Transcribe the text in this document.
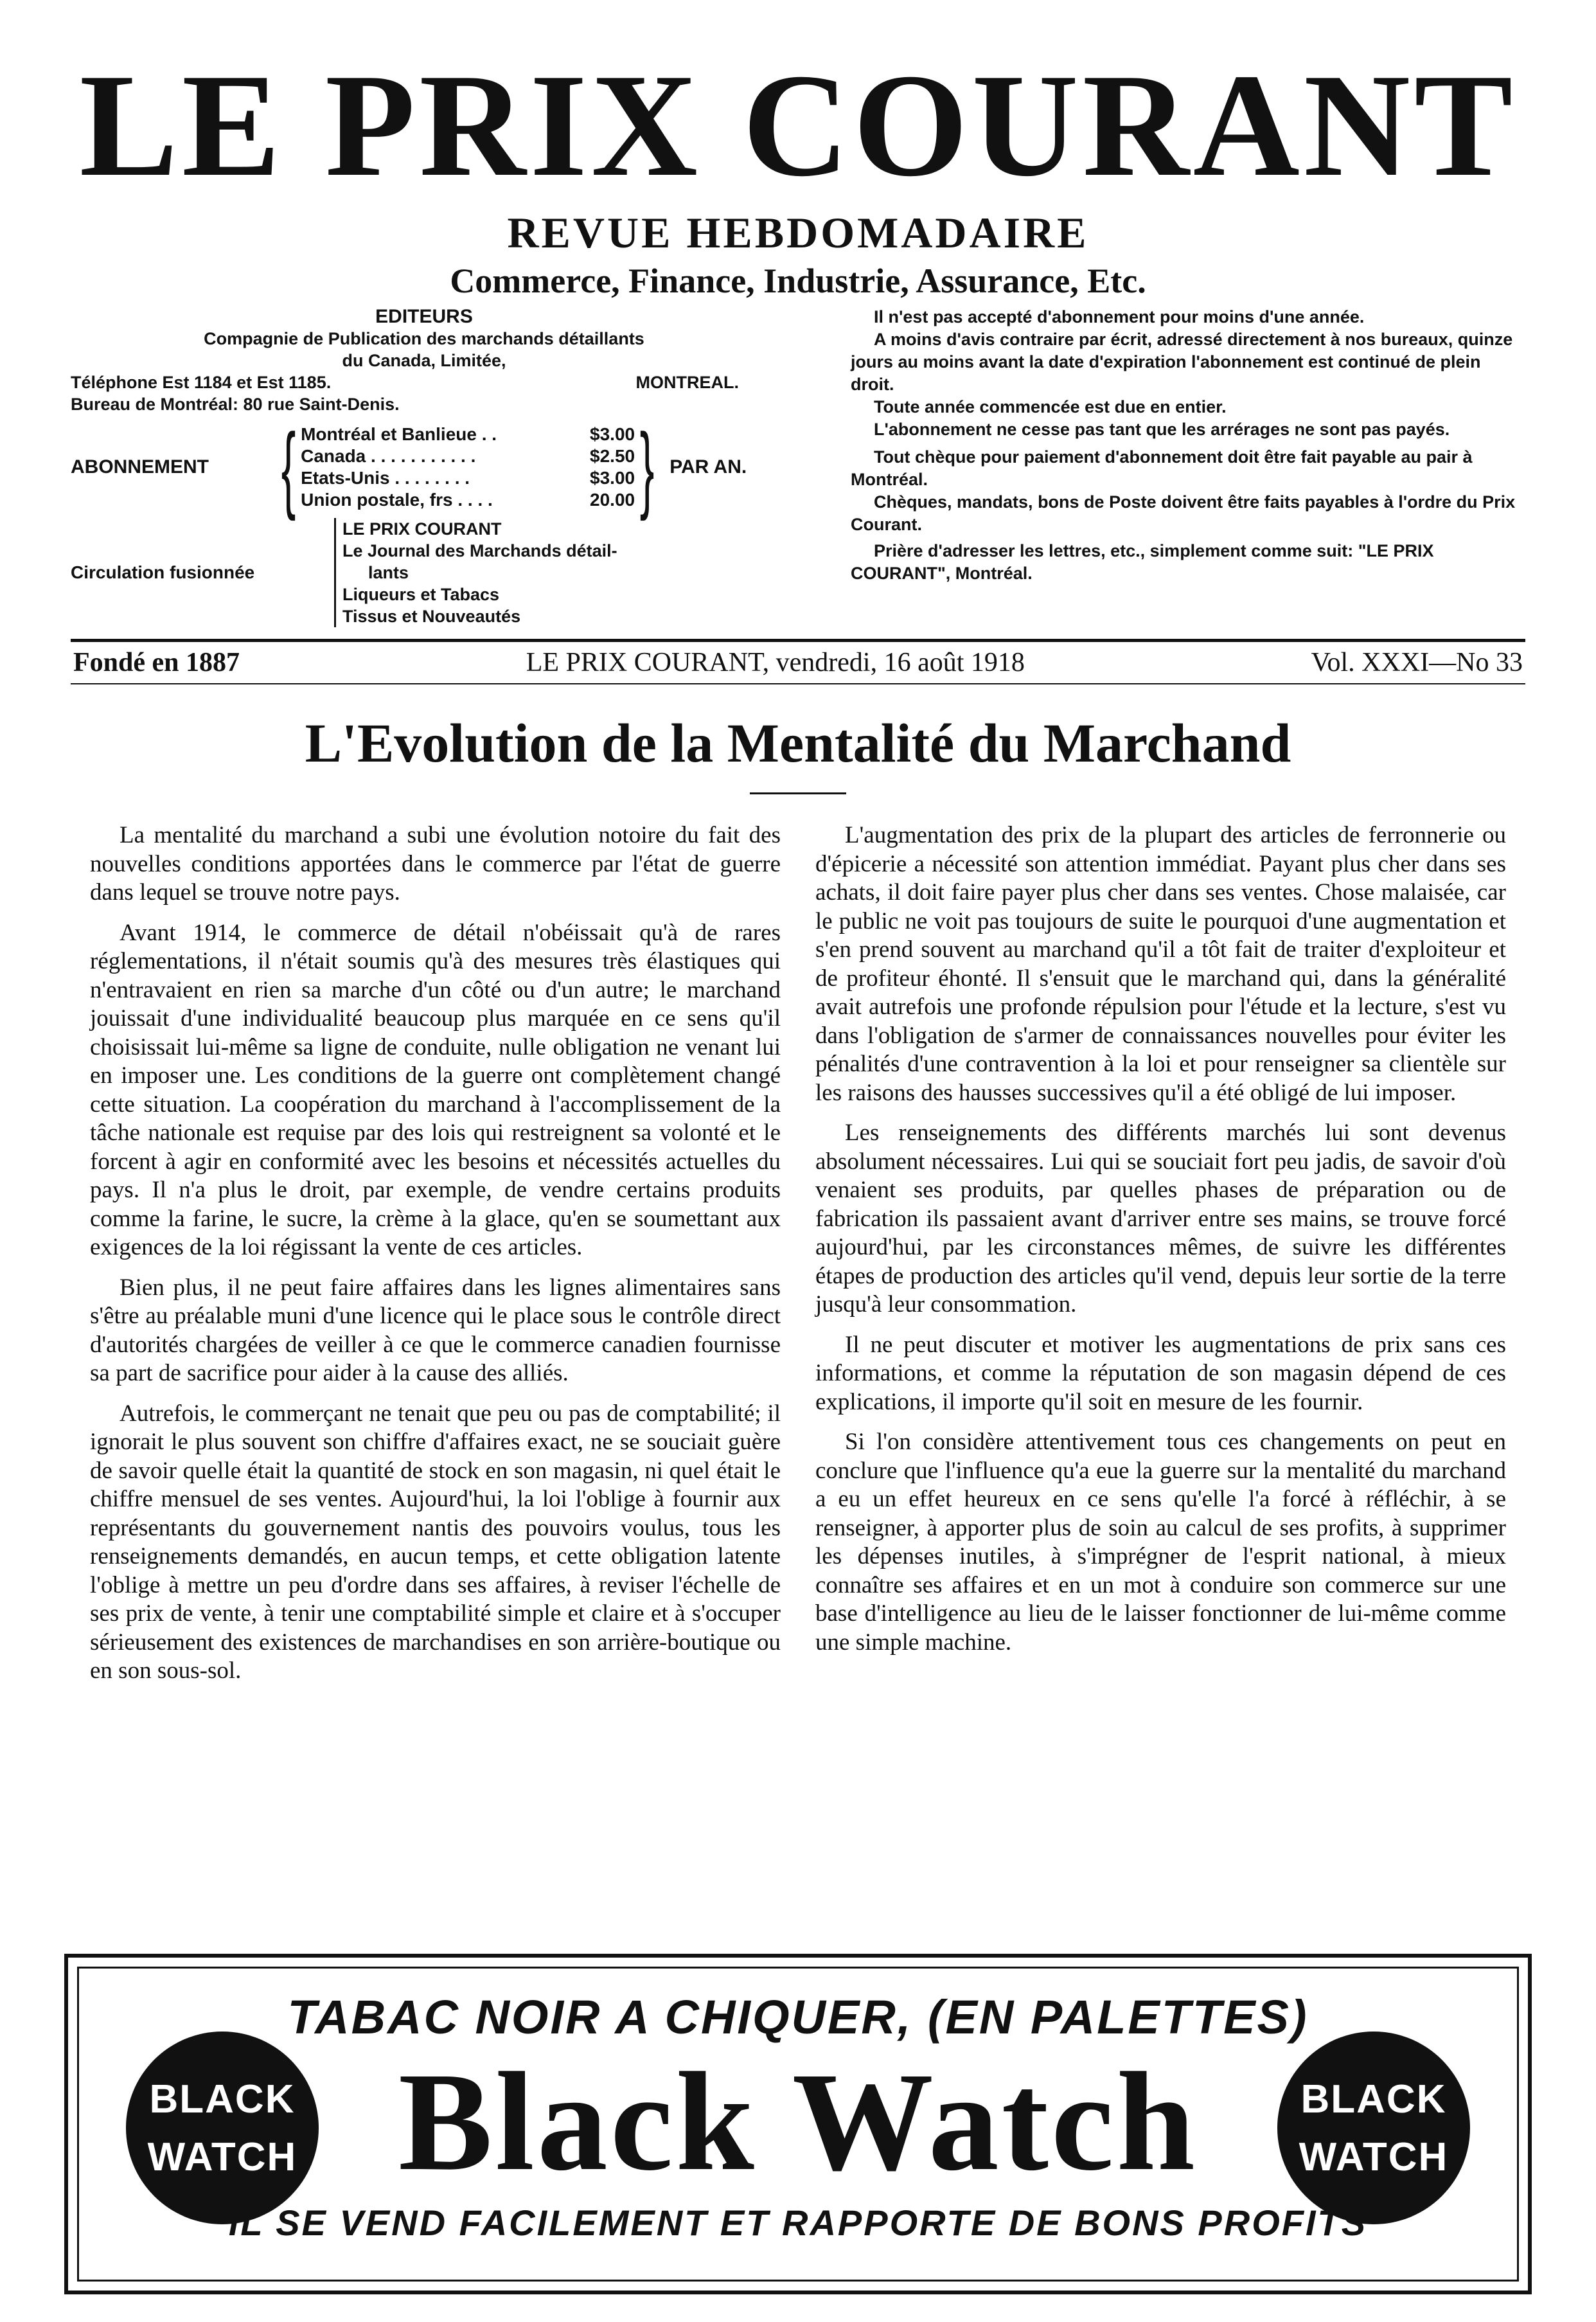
LE PRIX COURANT
REVUE HEBDOMADAIRE
Commerce, Finance, Industrie, Assurance, Etc.
EDITEURS
Compagnie de Publication des marchands détaillants
du Canada, Limitée,
Téléphone Est 1184 et Est 1185.	MONTREAL.
Bureau de Montréal: 80 rue Saint-Denis.
ABONNEMENT { Montréal et Banlieue . .	$3.00
Canada . . . . . . . . . . .	$2.50
Etats-Unis . . . . . . . .	$3.00
Union postale, frs . . . .	20.00 } PAR AN.
Circulation fusionnée
LE PRIX COURANT
Le Journal des Marchands détail-
lants
Liqueurs et Tabacs
Tissus et Nouveautés

Il n'est pas accepté d'abonnement pour moins d'une année.

A moins d'avis contraire par écrit, adressé directement à nos bureaux, quinze jours au moins avant la date d'expiration l'abonnement est continué de plein droit.

Toute année commencée est due en entier.

L'abonnement ne cesse pas tant que les arrérages ne sont pas payés.

Tout chèque pour paiement d'abonnement doit être fait payable au pair à Montréal.

Chèques, mandats, bons de Poste doivent être faits payables à l'ordre du Prix Courant.

Prière d'adresser les lettres, etc., simplement comme suit: "LE PRIX COURANT", Montréal.

Fondé en 1887	LE PRIX COURANT, vendredi, 16 août 1918	Vol. XXXI—No 33
L'Evolution de la Mentalité du Marchand

La mentalité du marchand a subi une évolution notoire du fait des nouvelles conditions apportées dans le commerce par l'état de guerre dans lequel se trouve notre pays.

Avant 1914, le commerce de détail n'obéissait qu'à de rares réglementations, il n'était soumis qu'à des mesures très élastiques qui n'entravaient en rien sa marche d'un côté ou d'un autre; le marchand jouissait d'une individualité beaucoup plus marquée en ce sens qu'il choisissait lui-même sa ligne de conduite, nulle obligation ne venant lui en imposer une. Les conditions de la guerre ont complètement changé cette situation. La coopération du marchand à l'accomplissement de la tâche nationale est requise par des lois qui restreignent sa volonté et le forcent à agir en conformité avec les besoins et nécessités actuelles du pays. Il n'a plus le droit, par exemple, de vendre certains produits comme la farine, le sucre, la crème à la glace, qu'en se soumettant aux exigences de la loi régissant la vente de ces articles.

Bien plus, il ne peut faire affaires dans les lignes alimentaires sans s'être au préalable muni d'une licence qui le place sous le contrôle direct d'autorités chargées de veiller à ce que le commerce canadien fournisse sa part de sacrifice pour aider à la cause des alliés.

Autrefois, le commerçant ne tenait que peu ou pas de comptabilité; il ignorait le plus souvent son chiffre d'affaires exact, ne se souciait guère de savoir quelle était la quantité de stock en son magasin, ni quel était le chiffre mensuel de ses ventes. Aujourd'hui, la loi l'oblige à fournir aux représentants du gouvernement nantis des pouvoirs voulus, tous les renseignements demandés, en aucun temps, et cette obligation latente l'oblige à mettre un peu d'ordre dans ses affaires, à reviser l'échelle de ses prix de vente, à tenir une comptabilité simple et claire et à s'occuper sérieusement des existences de marchandises en son arrière-boutique ou en son sous-sol.

L'augmentation des prix de la plupart des articles de ferronnerie ou d'épicerie a nécessité son attention immédiat. Payant plus cher dans ses achats, il doit faire payer plus cher dans ses ventes. Chose malaisée, car le public ne voit pas toujours de suite le pourquoi d'une augmentation et s'en prend souvent au marchand qu'il a tôt fait de traiter d'exploiteur et de profiteur éhonté. Il s'ensuit que le marchand qui, dans la généralité avait autrefois une profonde répulsion pour l'étude et la lecture, s'est vu dans l'obligation de s'armer de connaissances nouvelles pour éviter les pénalités d'une contravention à la loi et pour renseigner sa clientèle sur les raisons des hausses successives qu'il a été obligé de lui imposer.

Les renseignements des différents marchés lui sont devenus absolument nécessaires. Lui qui se souciait fort peu jadis, de savoir d'où venaient ses produits, par quelles phases de préparation ou de fabrication ils passaient avant d'arriver entre ses mains, se trouve forcé aujourd'hui, par les circonstances mêmes, de suivre les différentes étapes de production des articles qu'il vend, depuis leur sortie de la terre jusqu'à leur consommation.

Il ne peut discuter et motiver les augmentations de prix sans ces informations, et comme la réputation de son magasin dépend de ces explications, il importe qu'il soit en mesure de les fournir.

Si l'on considère attentivement tous ces changements on peut en conclure que l'influence qu'a eue la guerre sur la mentalité du marchand a eu un effet heureux en ce sens qu'elle l'a forcé à réfléchir, à se renseigner, à apporter plus de soin au calcul de ses profits, à supprimer les dépenses inutiles, à s'imprégner de l'esprit national, à mieux connaître ses affaires et en un mot à conduire son commerce sur une base d'intelligence au lieu de le laisser fonctionner de lui-même comme une simple machine.

BLACK
WATCH
BLACK
WATCH
TABAC NOIR A CHIQUER, (EN PALETTES)
Black Watch
IL SE VEND FACILEMENT ET RAPPORTE DE BONS PROFITS
